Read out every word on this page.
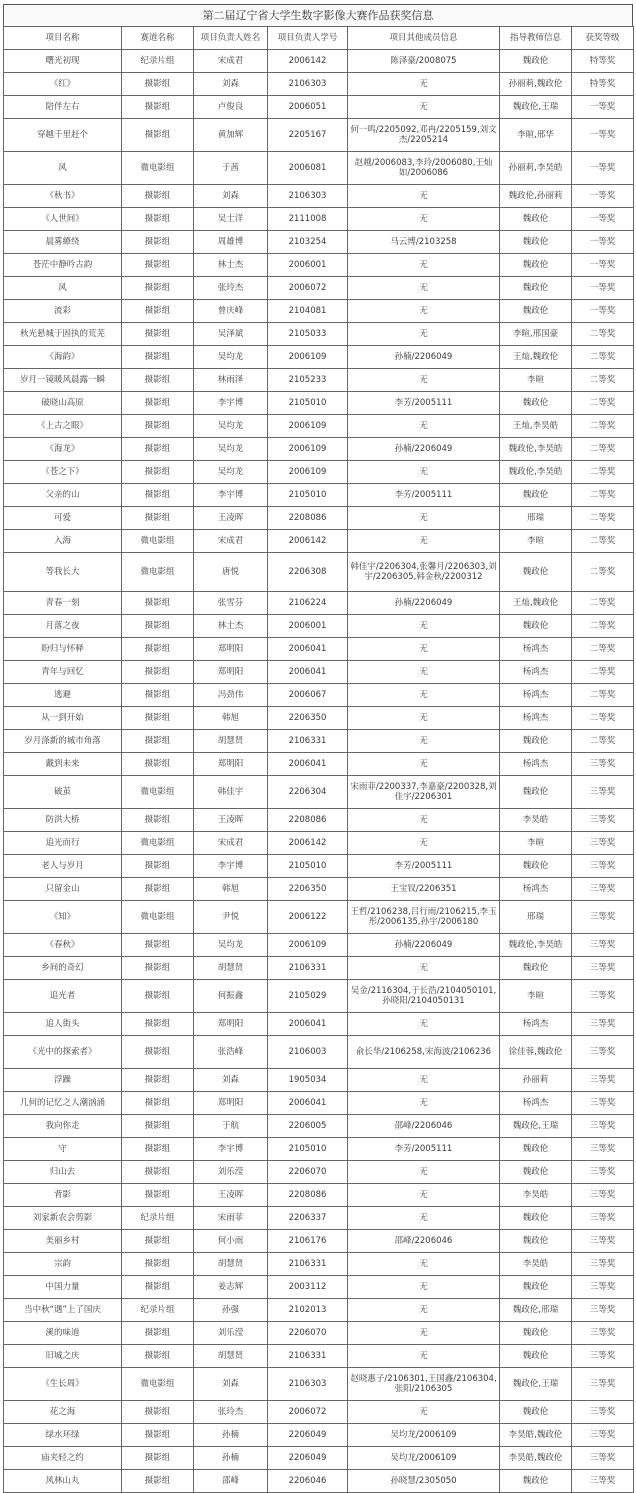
第二届辽宁省大学生数字影像大赛作品获奖信息
项目名称	赛道名称	项目负责人姓名	项目负责人学号	项目其他成员信息	指导教师信息	获奖等级
曙光初现	纪录片组	宋成君	2006142	陈泽豪/2008075	魏政伦	特等奖
《红》	摄影组	刘森	2106303	无	孙丽莉,魏政伦	特等奖
陪伴左右	摄影组	卢俊良	2006051	无	魏政伦,王瑞	一等奖
穿越千里赶个	摄影组	黄加辉	2205167	何一鸣/2205092,邓冉/2205159,刘文杰/2205214	李暄,邢华	一等奖
风	微电影组	于茜	2006081	赵越/2006083,李玲/2006080,王灿如/2006086	孙丽莉,李昊皓	一等奖
《秋书》	摄影组	刘森	2106303	无	魏政伦,孙丽莉	一等奖
《人世间》	摄影组	吴士洋	2111008	无	魏政伦	一等奖
晨雾繚绕	摄影组	周雄博	2103254	马云博/2103258	魏政伦	一等奖
苍茫中静吟古韵	摄影组	林士杰	2006001	无	魏政伦	一等奖
风	摄影组	张玲杰	2006072	无	魏政伦	一等奖
流彩	摄影组	曾庆峰	2104081	无	魏政伦	一等奖
秋光悬城于固执的荒芜	摄影组	吴泽斌	2105033	无	李暄,邢国豪	二等奖
《海韵》	摄影组	吴均龙	2006109	孙楠/2206049	王灿,魏政伦	二等奖
岁月一镜暖风晨露一瞬	摄影组	林雨泽	2105233	无	李暄	二等奖
破晓山高原	摄影组	李宇博	2105010	李芳/2005111	魏政伦	二等奖
《上古之眼》	摄影组	吴均龙	2006109	无	王灿,李昊皓	二等奖
《海龙》	摄影组	吴均龙	2006109	孙楠/2206049	魏政伦,李昊皓	二等奖
《苍之下》	摄影组	吴均龙	2006109	无	魏政伦,李昊皓	二等奖
父亲的山	摄影组	李宇博	2105010	李芳/2005111	魏政伦	二等奖
可爱	摄影组	王凌晖	2208086	无	邢瑞	二等奖
入海	微电影组	宋成君	2006142	无	李暄	二等奖
等我长大	微电影组	唐悦	2206308	韩佳宇/2206304,张馨月/2206303,刘宇/2206305,韩金秋/2200312	魏政伦	二等奖
青春一刻	摄影组	张雪芬	2106224	孙楠/2206049	王灿,魏政伦	二等奖
月落之夜	摄影组	林士杰	2006001	无	魏政伦	二等奖
盼归与怀释	摄影组	郑明阳	2006041	无	杨鸿杰	二等奖
青年与回忆	摄影组	郑明阳	2006041	无	杨鸿杰	二等奖
逃避	摄影组	冯劲伟	2006067	无	杨鸿杰	二等奖
从一到开始	摄影组	韩旭	2206350	无	杨鸿杰	二等奖
岁月涤新的城市角落	摄影组	胡慧贤	2106331	无	魏政伦	二等奖
戴到未来	摄影组	郑明阳	2006041	无	杨鸿杰	三等奖
破茧	微电影组	韩佳宇	2206304	宋雨菲/2200337,李嘉豪/2200328,刘佳宇/2206301	魏政伦	三等奖
防洪大桥	摄影组	王凌晖	2208086	无	李昊皓	三等奖
追光而行	微电影组	宋成君	2006142	无	李暄	三等奖
老人与岁月	摄影组	李宇博	2105010	李芳/2005111	魏政伦	三等奖
只留金山	摄影组	韩旭	2206350	王宝钗/2206351	杨鸿杰	三等奖
《知》	微电影组	尹悦	2006122	王哲/2106238,吕行雨/2106215,李玉彤/2006135,孙宇/2006180	邢瑞	三等奖
《春秋》	摄影组	吴均龙	2006109	孙楠/2206049	魏政伦,李昊皓	三等奖
乡间的奇幻	摄影组	胡慧贤	2106331	无	魏政伦	三等奖
追光者	摄影组	何振鑫	2105029	吴金/2116304,于长浩/2104050101,孙晓阳/2104050131	李暄	三等奖
追人街头	摄影组	郑明阳	2006041	无	杨鸿杰	三等奖
《光中的探索者》	摄影组	张浩峰	2106003	俞长华/2106258,宋海波/2106236	徐佳蓉,魏政伦	三等奖
浮躁	摄影组	刘森	1905034	无	孙丽莉	三等奖
几何的记忆之人潮汹涌	摄影组	郑明阳	2006041	无	杨鸿杰	三等奖
我向你走	摄影组	于航	2206005	邵峰/2206046	魏政伦,王瑞	三等奖
守	摄影组	李宇博	2105010	李芳/2005111	魏政伦	三等奖
归山去	摄影组	刘乐滢	2206070	无	魏政伦	三等奖
背影	摄影组	王凌晖	2208086	无	李昊皓	三等奖
刘家新农会剪影	纪录片组	宋雨菲	2206337	无	魏政伦	三等奖
美丽乡村	摄影组	何小雨	2106176	邵峰/2206046	魏政伦	三等奖
宗韵	摄影组	胡慧贤	2106331	无	李昊皓	三等奖
中国力量	摄影组	姜志辉	2003112	无	魏政伦	三等奖
当中秋“遇”上了国庆	纪录片组	孙强	2102013	无	魏政伦,邢瑞	三等奖
溪的味道	摄影组	刘乐滢	2206070	无	魏政伦	三等奖
旧城之庆	摄影组	胡慧贤	2106331	无	魏政伦	三等奖
《生长周》	微电影组	刘森	2106303	赵晓惠子/2106301,王国鑫/2106304,张阳/2106305	魏政伦,王瑞	三等奖
花之海	摄影组	张玲杰	2006072	无	魏政伦	三等奖
绿水环绿	摄影组	孙楠	2206049	吴均龙/2006109	李昊皓,魏政伦	三等奖
庙夹轻之约	摄影组	孙楠	2206049	吴均龙/2006109	李昊皓,魏政伦	三等奖
风林山丸	摄影组	邵峰	2206046	孙晓慧/2305050	魏政伦	三等奖
